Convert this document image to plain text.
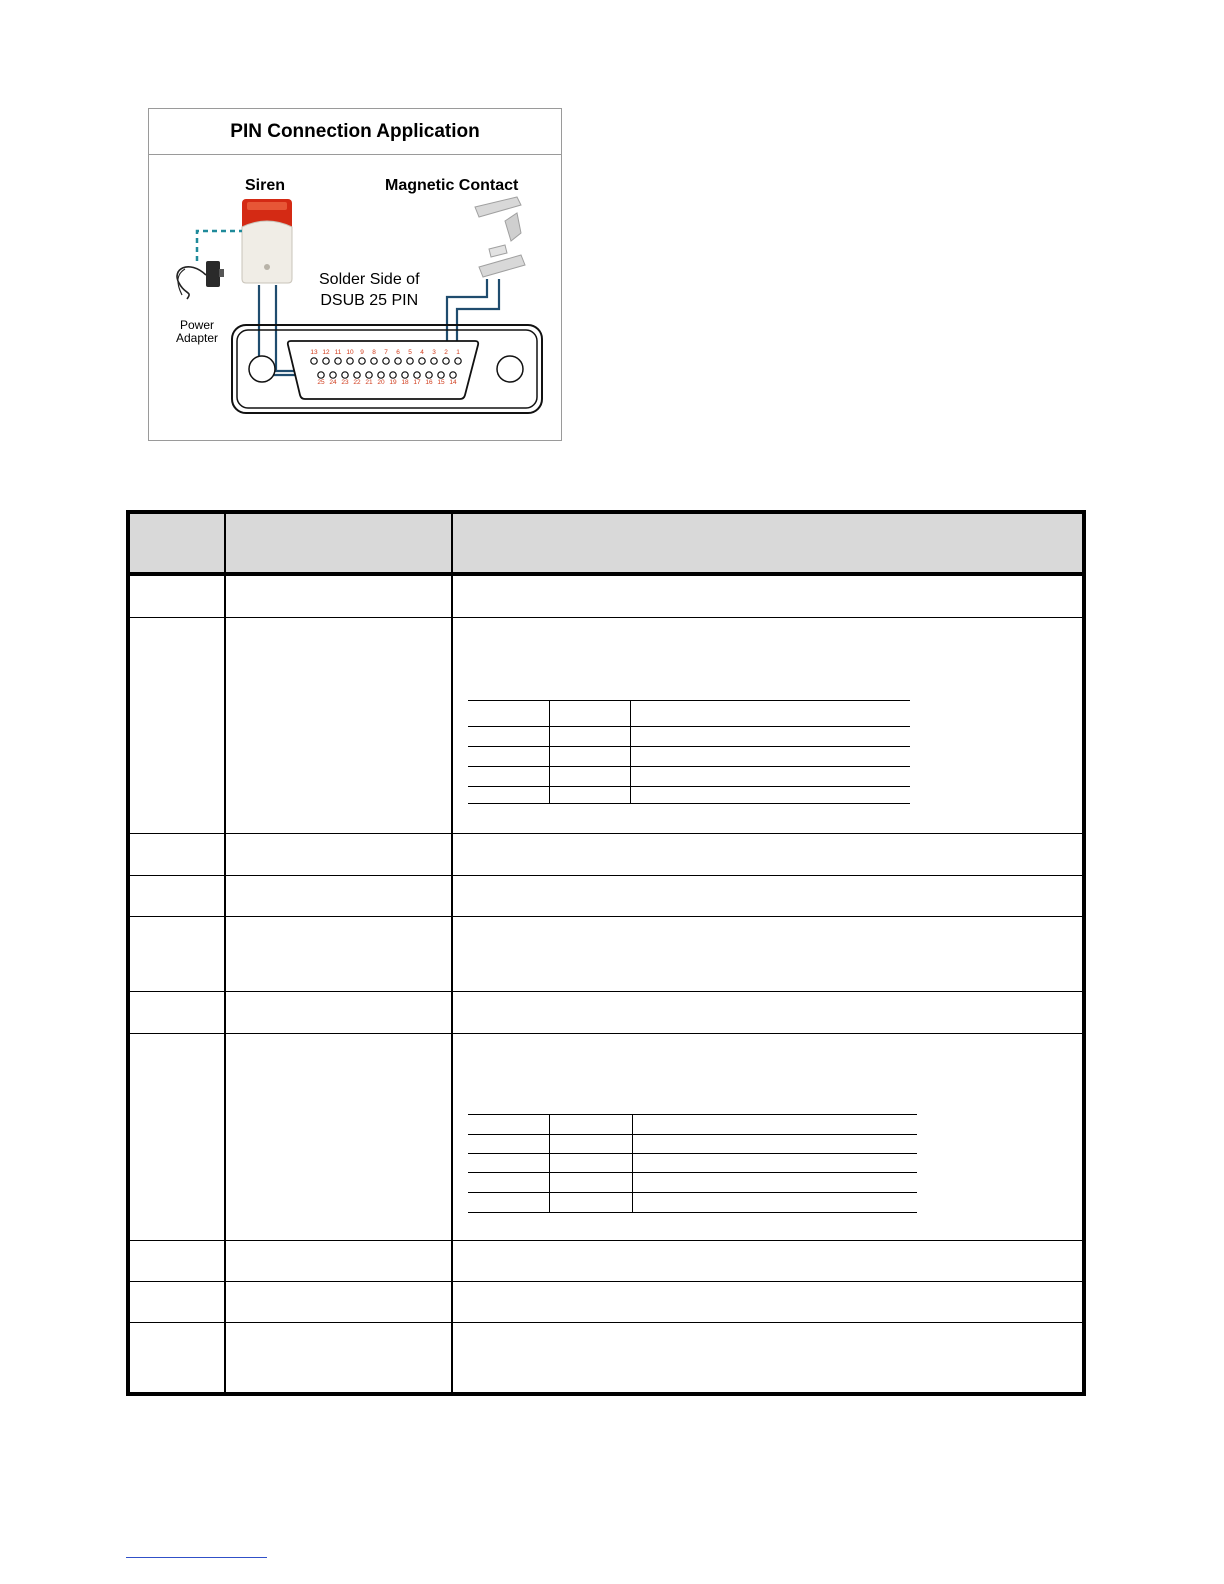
PIN Connection Application
13 12 11 10 9 8 7 6 5 4 3 2 1
25 24 23 22 21 20 19 18 17 16 15 14
Siren	Magnetic Contact
Solder Side of
DSUB 25 PIN
Power
Adapter
